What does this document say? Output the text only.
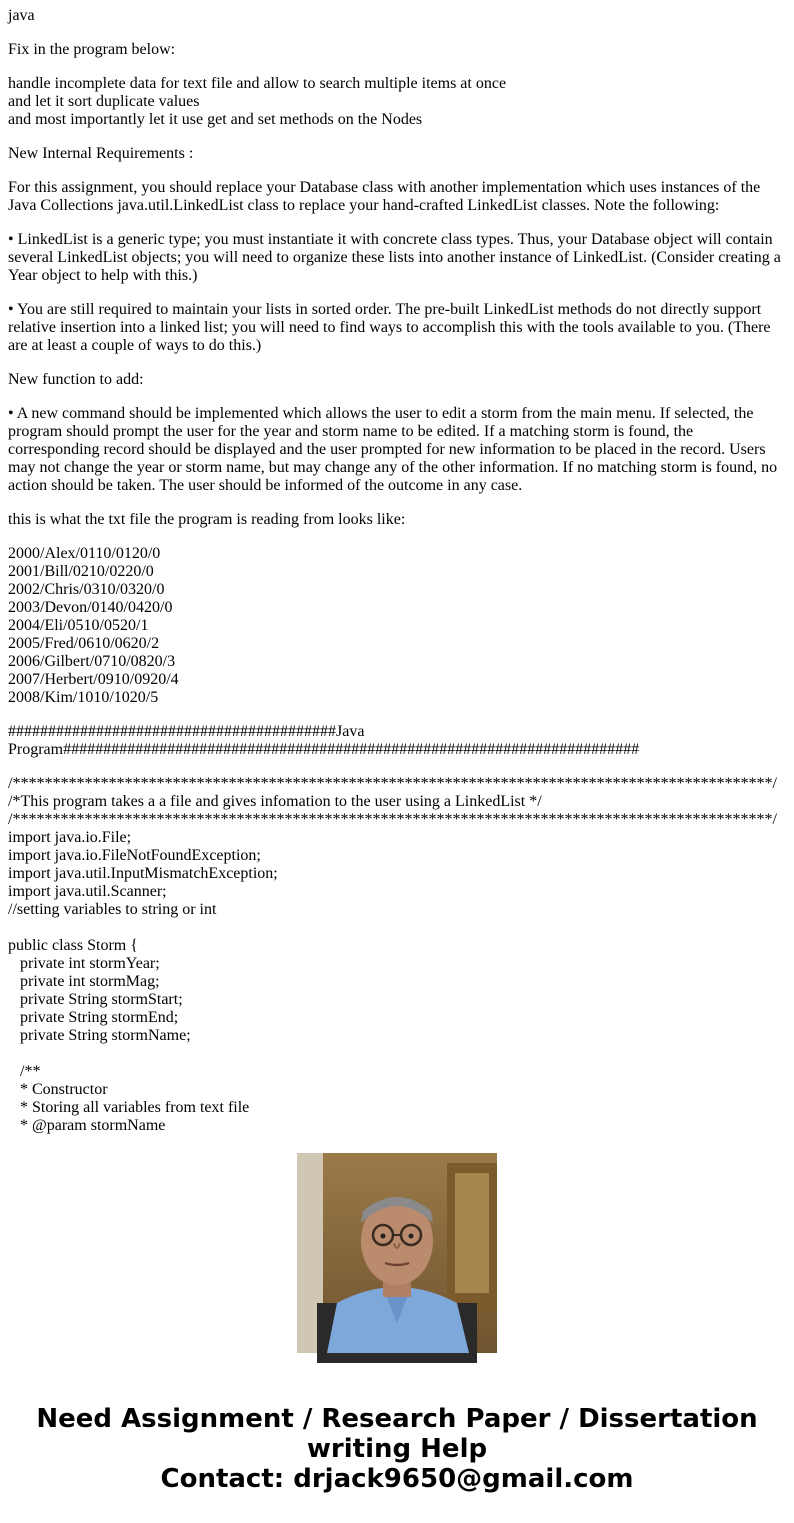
java

Fix in the program below:

handle incomplete data for text file and allow to search multiple items at once
and let it sort duplicate values
and most importantly let it use get and set methods on the Nodes

New Internal Requirements :

For this assignment, you should replace your Database class with another implementation which uses instances of the Java Collections java.util.LinkedList class to replace your hand-crafted LinkedList classes. Note the following:

• LinkedList is a generic type; you must instantiate it with concrete class types. Thus, your Database object will contain several LinkedList objects; you will need to organize these lists into another instance of LinkedList. (Consider creating a Year object to help with this.)

• You are still required to maintain your lists in sorted order. The pre-built LinkedList methods do not directly support relative insertion into a linked list; you will need to find ways to accomplish this with the tools available to you. (There are at least a couple of ways to do this.)

New function to add:

• A new command should be implemented which allows the user to edit a storm from the main menu. If selected, the program should prompt the user for the year and storm name to be edited. If a matching storm is found, the corresponding record should be displayed and the user prompted for new information to be placed in the record. Users may not change the year or storm name, but may change any of the other information. If no matching storm is found, no action should be taken. The user should be informed of the outcome in any case.

this is what the txt file the program is reading from looks like:

2000/Alex/0110/0120/0
2001/Bill/0210/0220/0
2002/Chris/0310/0320/0
2003/Devon/0140/0420/0
2004/Eli/0510/0520/1
2005/Fred/0610/0620/2
2006/Gilbert/0710/0820/3
2007/Herbert/0910/0920/4
2008/Kim/1010/1020/5

#########################################Java
Program########################################################################

/***********************************************************************************************/
/*This program takes a a file and gives infomation to the user using a LinkedList */
/***********************************************************************************************/
import java.io.File;
import java.io.FileNotFoundException;
import java.util.InputMismatchException;
import java.util.Scanner;
//setting variables to string or int
public class Storm {
private int stormYear;
private int stormMag;
private String stormStart;
private String stormEnd;
private String stormName;
/**
* Constructor
* Storing all variables from text file
* @param stormName
Need Assignment / Research Paper / Dissertation
writing Help
Contact: drjack9650@gmail.com
